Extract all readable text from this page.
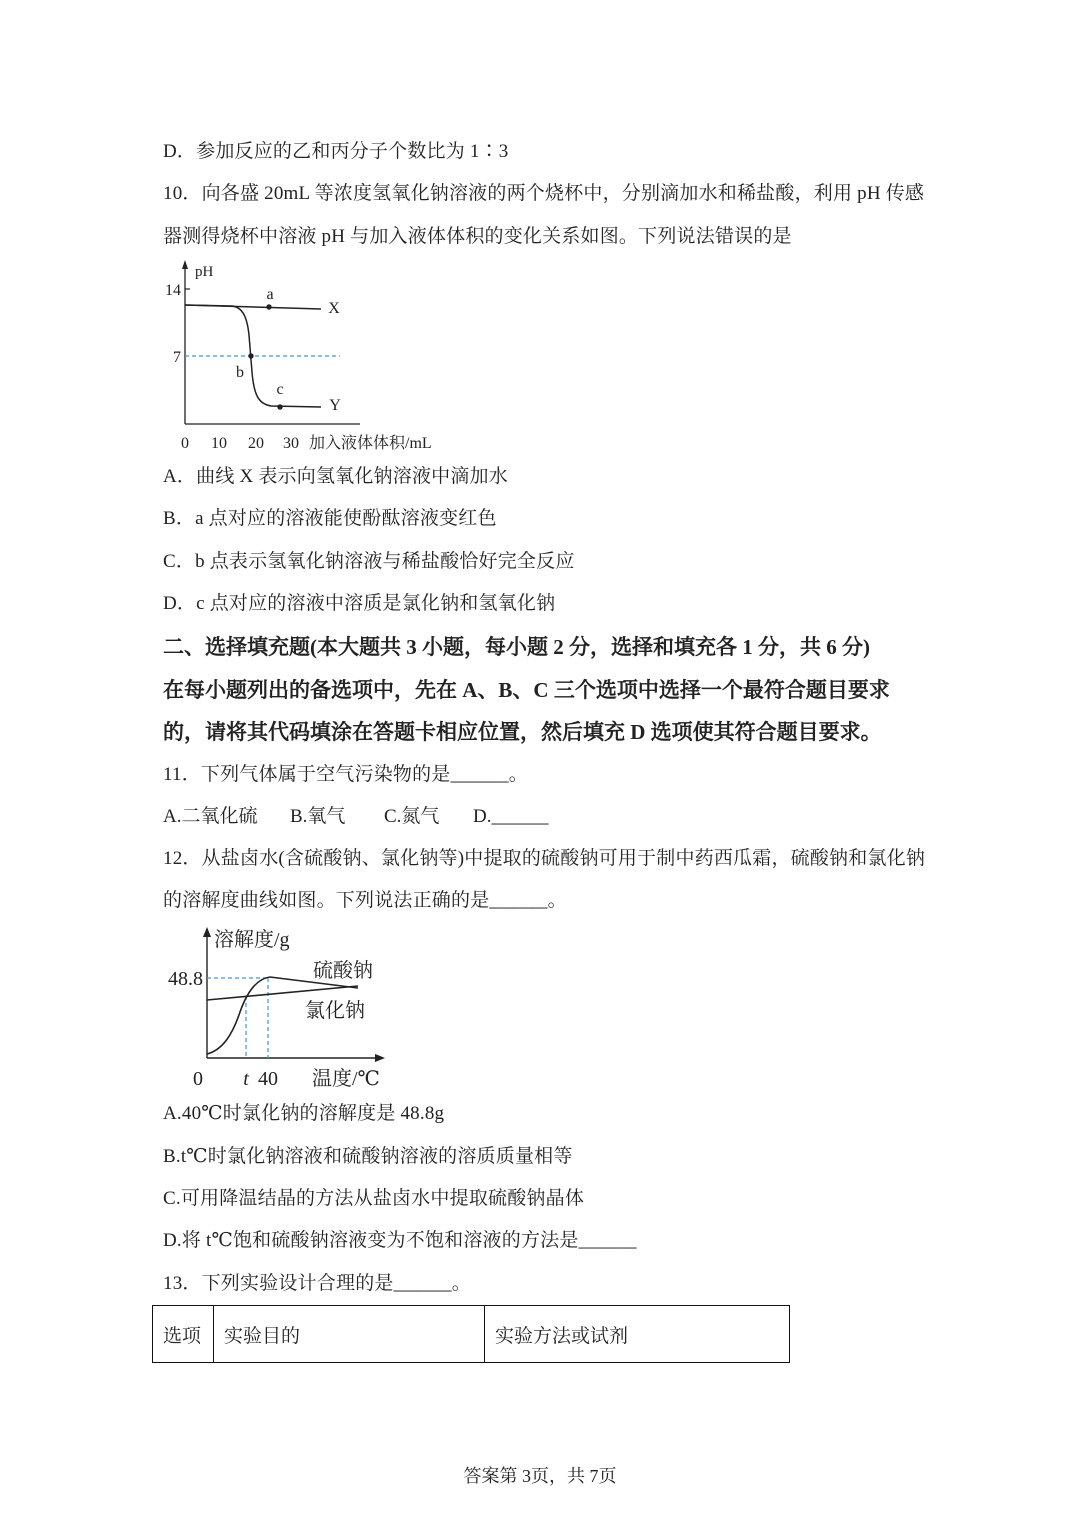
D．参加反应的乙和丙分子个数比为 1∶3
10．向各盛 20mL 等浓度氢氧化钠溶液的两个烧杯中，分别滴加水和稀盐酸，利用 pH 传感
器测得烧杯中溶液 pH 与加入液体体积的变化关系如图。下列说法错误的是
pH
14
7
0 10 20 30 加入液体体积/mL
a
b
c
X
Y
A．曲线 X 表示向氢氧化钠溶液中滴加水
B．a 点对应的溶液能使酚酞溶液变红色
C．b 点表示氢氧化钠溶液与稀盐酸恰好完全反应
D．c 点对应的溶液中溶质是氯化钠和氢氧化钠
二、选择填充题(本大题共 3 小题，每小题 2 分，选择和填充各 1 分，共 6 分)
在每小题列出的备选项中，先在 A、B、C 三个选项中选择一个最符合题目要求
的，请将其代码填涂在答题卡相应位置，然后填充 D 选项使其符合题目要求。
11．下列气体属于空气污染物的是______。
A.二氧化硫 B.氧气 C.氮气 D.______
12．从盐卤水(含硫酸钠、氯化钠等)中提取的硫酸钠可用于制中药西瓜霜，硫酸钠和氯化钠
的溶解度曲线如图。下列说法正确的是______。
溶解度/g
48.8	硫酸钠
氯化钠
0 t 40 温度/℃
A.40℃时氯化钠的溶解度是 48.8g
B.t℃时氯化钠溶液和硫酸钠溶液的溶质质量相等
C.可用降温结晶的方法从盐卤水中提取硫酸钠晶体
D.将 t℃饱和硫酸钠溶液变为不饱和溶液的方法是______
13．下列实验设计合理的是______。
选项	实验目的	实验方法或试剂
答案第 3页，共 7页
